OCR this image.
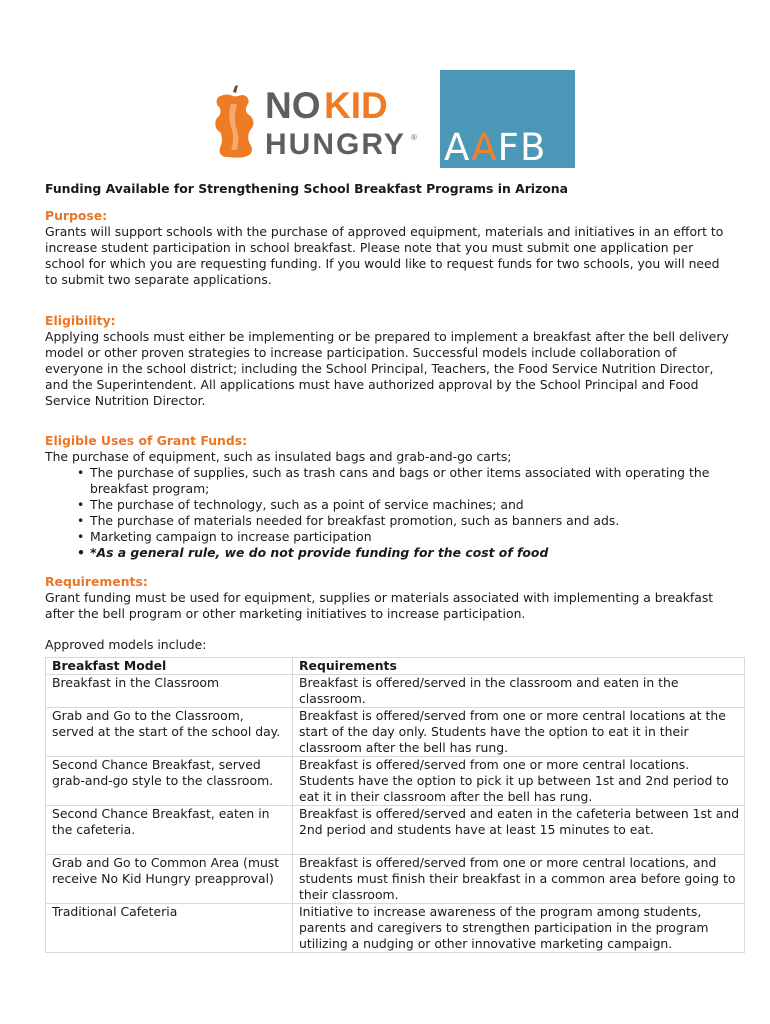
NO KID
HUNGRY ® AAFB
Funding Available for Strengthening School Breakfast Programs in Arizona
Purpose:

Grants will support schools with the purchase of approved equipment, materials and initiatives in an effort to increase student participation in school breakfast. Please note that you must submit one application per school for which you are requesting funding. If you would like to request funds for two schools, you will need to submit two separate applications.

Eligibility:

Applying schools must either be implementing or be prepared to implement a breakfast after the bell delivery model or other proven strategies to increase participation. Successful models include collaboration of everyone in the school district; including the School Principal, Teachers, the Food Service Nutrition Director, and the Superintendent. All applications must have authorized approval by the School Principal and Food Service Nutrition Director.

Eligible Uses of Grant Funds:

The purchase of equipment, such as insulated bags and grab-and-go carts;

• The purchase of supplies, such as trash cans and bags or other items associated with operating the breakfast program;
• The purchase of technology, such as a point of service machines; and
• The purchase of materials needed for breakfast promotion, such as banners and ads.
• Marketing campaign to increase participation
• *As a general rule, we do not provide funding for the cost of food
Requirements:

Grant funding must be used for equipment, supplies or materials associated with implementing a breakfast after the bell program or other marketing initiatives to increase participation.

Approved models include:

Breakfast Model	Requirements
Breakfast in the Classroom	Breakfast is offered/served in the classroom and eaten in the classroom.
Grab and Go to the Classroom, served at the start of the school day.	Breakfast is offered/served from one or more central locations at the start of the day only. Students have the option to eat it in their classroom after the bell has rung.
Second Chance Breakfast, served grab-and-go style to the classroom.	Breakfast is offered/served from one or more central locations. Students have the option to pick it up between 1st and 2nd period to eat it in their classroom after the bell has rung.
Second Chance Breakfast, eaten in the cafeteria.	Breakfast is offered/served and eaten in the cafeteria between 1st and 2nd period and students have at least 15 minutes to eat.
Grab and Go to Common Area (must receive No Kid Hungry preapproval)	Breakfast is offered/served from one or more central locations, and students must finish their breakfast in a common area before going to their classroom.
Traditional Cafeteria	Initiative to increase awareness of the program among students, parents and caregivers to strengthen participation in the program utilizing a nudging or other innovative marketing campaign.
